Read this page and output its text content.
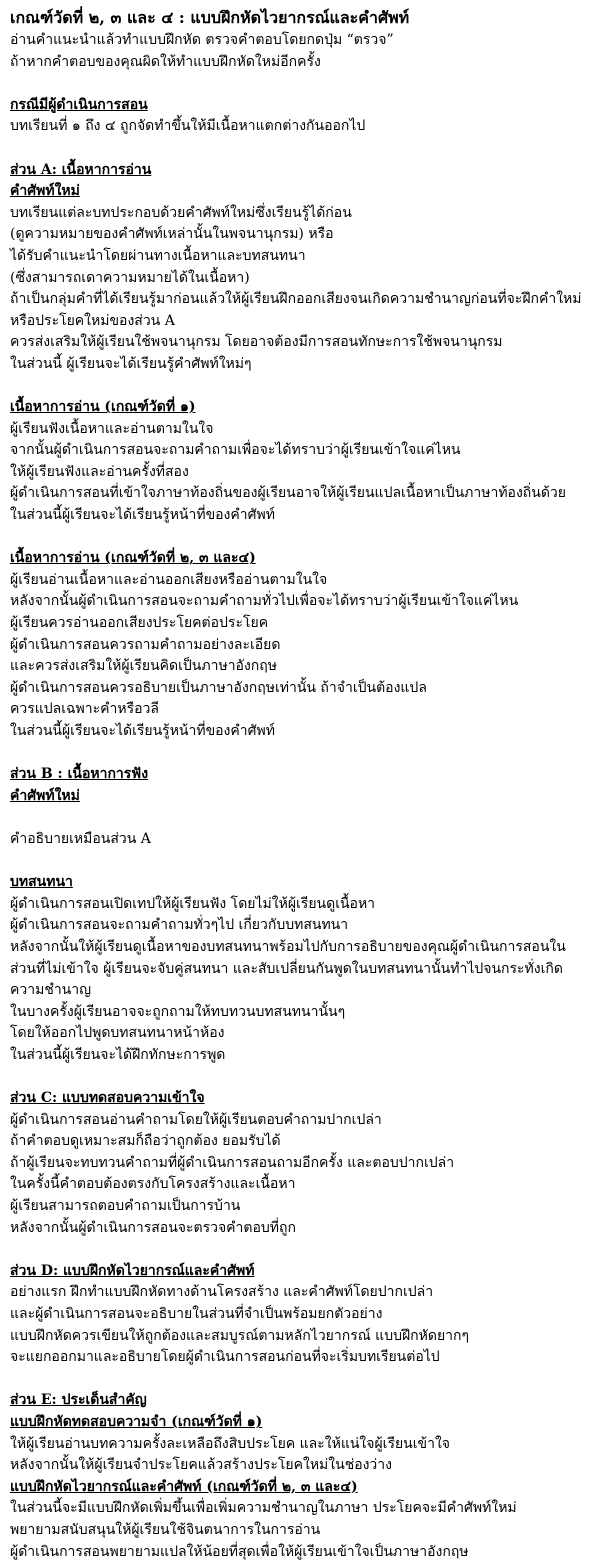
เกณฑ์วัดที่ ๒, ๓ และ ๔ : แบบฝึกหัดไวยากรณ์และคำศัพท์
อ่านคำแนะนำแล้วทำแบบฝึกหัด ตรวจคำตอบโดยกดปุ่ม “ตรวจ”
ถ้าหากคำตอบของคุณผิดให้ทำแบบฝึกหัดใหม่อีกครั้ง
กรณีมีผู้ดำเนินการสอน
บทเรียนที่ ๑ ถึง ๔ ถูกจัดทำขึ้นให้มีเนื้อหาแตกต่างกันออกไป
ส่วน A: เนื้อหาการอ่าน
คำศัพท์ใหม่
บทเรียนแต่ละบทประกอบด้วยคำศัพท์ใหม่ซึ่งเรียนรู้ได้ก่อน
(ดูความหมายของคำศัพท์เหล่านั้นในพจนานุกรม) หรือ
ได้รับคำแนะนำโดยผ่านทางเนื้อหาและบทสนทนา
(ซึ่งสามารถเดาความหมายได้ในเนื้อหา)
ถ้าเป็นกลุ่มคำที่ได้เรียนรู้มาก่อนแล้วให้ผู้เรียนฝึกออกเสียงจนเกิดความชำนาญก่อนที่จะฝึกคำใหม่หรือประโยคใหม่ของส่วน A
ควรส่งเสริมให้ผู้เรียนใช้พจนานุกรม โดยอาจต้องมีการสอนทักษะการใช้พจนานุกรม
ในส่วนนี้ ผู้เรียนจะได้เรียนรู้คำศัพท์ใหม่ๆ
เนื้อหาการอ่าน (เกณฑ์วัดที่ ๑)
ผู้เรียนฟังเนื้อหาและอ่านตามในใจ
จากนั้นผู้ดำเนินการสอนจะถามคำถามเพื่อจะได้ทราบว่าผู้เรียนเข้าใจแค่ไหน
ให้ผู้เรียนฟังและอ่านครั้งที่สอง
ผู้ดำเนินการสอนที่เข้าใจภาษาท้องถิ่นของผู้เรียนอาจให้ผู้เรียนแปลเนื้อหาเป็นภาษาท้องถิ่นด้วย
ในส่วนนี้ผู้เรียนจะได้เรียนรู้หน้าที่ของคำศัพท์
เนื้อหาการอ่าน (เกณฑ์วัดที่ ๒, ๓ และ๔)
ผู้เรียนอ่านเนื้อหาและอ่านออกเสียงหรืออ่านตามในใจ
หลังจากนั้นผู้ดำเนินการสอนจะถามคำถามทั่วไปเพื่อจะได้ทราบว่าผู้เรียนเข้าใจแค่ไหน
ผู้เรียนควรอ่านออกเสียงประโยคต่อประโยค
ผู้ดำเนินการสอนควรถามคำถามอย่างละเอียด
และควรส่งเสริมให้ผู้เรียนคิดเป็นภาษาอังกฤษ
ผู้ดำเนินการสอนควรอธิบายเป็นภาษาอังกฤษเท่านั้น ถ้าจำเป็นต้องแปล
ควรแปลเฉพาะคำหรือวลี
ในส่วนนี้ผู้เรียนจะได้เรียนรู้หน้าที่ของคำศัพท์
ส่วน B : เนื้อหาการฟัง
คำศัพท์ใหม่
คำอธิบายเหมือนส่วน A
บทสนทนา
ผู้ดำเนินการสอนเปิดเทปให้ผู้เรียนฟัง โดยไม่ให้ผู้เรียนดูเนื้อหา
ผู้ดำเนินการสอนจะถามคำถามทั่วๆไป เกี่ยวกับบทสนทนา
หลังจากนั้นให้ผู้เรียนดูเนื้อหาของบทสนทนาพร้อมไปกับการอธิบายของคุณผู้ดำเนินการสอนในส่วนที่ไม่เข้าใจ ผู้เรียนจะจับคู่สนทนา และสับเปลี่ยนกันพูดในบทสนทนานั้นทำไปจนกระทั่งเกิดความชำนาญ
ในบางครั้งผู้เรียนอาจจะถูกถามให้ทบทวนบทสนทนานั้นๆ
โดยให้ออกไปพูดบทสนทนาหน้าห้อง
ในส่วนนี้ผู้เรียนจะได้ฝึกทักษะการพูด
ส่วน C: แบบทดสอบความเข้าใจ
ผู้ดำเนินการสอนอ่านคำถามโดยให้ผู้เรียนตอบคำถามปากเปล่า
ถ้าคำตอบดูเหมาะสมก็ถือว่าถูกต้อง ยอมรับได้
ถ้าผู้เรียนจะทบทวนคำถามที่ผู้ดำเนินการสอนถามอีกครั้ง และตอบปากเปล่า
ในครั้งนี้คำตอบต้องตรงกับโครงสร้างและเนื้อหา
ผู้เรียนสามารถตอบคำถามเป็นการบ้าน
หลังจากนั้นผู้ดำเนินการสอนจะตรวจคำตอบที่ถูก
ส่วน D: แบบฝึกหัดไวยากรณ์และคำศัพท์
อย่างแรก ฝึกทำแบบฝึกหัดทางด้านโครงสร้าง และคำศัพท์โดยปากเปล่า
และผู้ดำเนินการสอนจะอธิบายในส่วนที่จำเป็นพร้อมยกตัวอย่าง
แบบฝึกหัดควรเขียนให้ถูกต้องและสมบูรณ์ตามหลักไวยากรณ์ แบบฝึกหัดยากๆ
จะแยกออกมาและอธิบายโดยผู้ดำเนินการสอนก่อนที่จะเริ่มบทเรียนต่อไป
ส่วน E: ประเด็นสำคัญ
แบบฝึกหัดทดสอบความจำ (เกณฑ์วัดที่ ๑)
ให้ผู้เรียนอ่านบทความครั้งละเหลือถึงสิบประโยค และให้แน่ใจผู้เรียนเข้าใจ
หลังจากนั้นให้ผู้เรียนจำประโยคแล้วสร้างประโยคใหม่ในช่องว่าง
แบบฝึกหัดไวยากรณ์และคำศัพท์ (เกณฑ์วัดที่ ๒, ๓ และ๔)
ในส่วนนี้จะมีแบบฝึกหัดเพิ่มขึ้นเพื่อเพิ่มความชำนาญในภาษา ประโยคจะมีคำศัพท์ใหม่
พยายามสนับสนุนให้ผู้เรียนใช้จินตนาการในการอ่าน
ผู้ดำเนินการสอนพยายามแปลให้น้อยที่สุดเพื่อให้ผู้เรียนเข้าใจเป็นภาษาอังกฤษ
